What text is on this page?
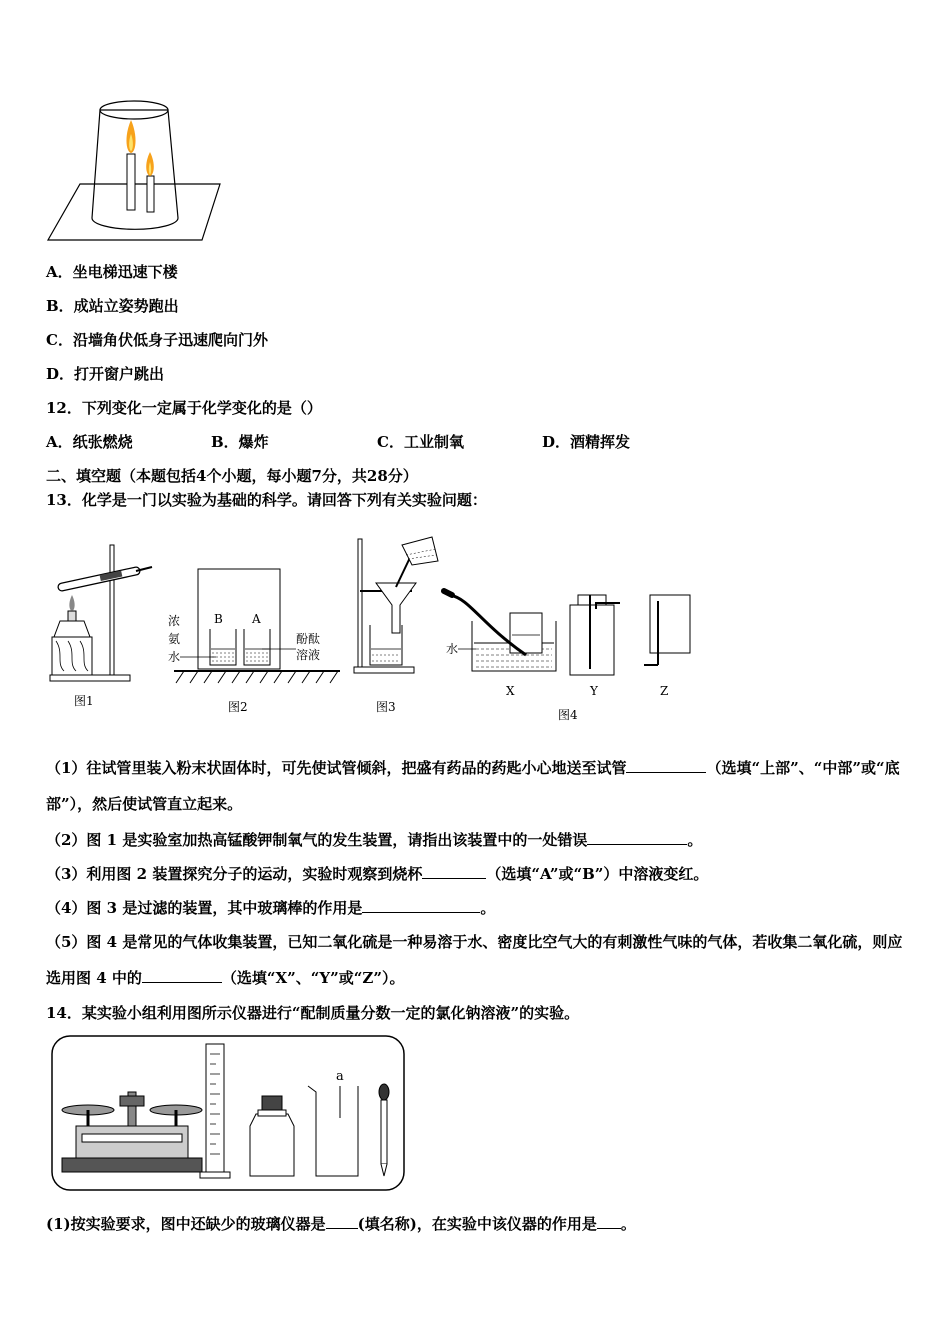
A．坐电梯迅速下楼
B．成站立姿势跑出
C．沿墙角伏低身子迅速爬向门外
D．打开窗户跳出
12．下列变化一定属于化学变化的是（）
A．纸张燃烧	B．爆炸	C．工业制氧	D．酒精挥发
二、填空题（本题包括4个小题，每小题7分，共28分）
13．化学是一门以实验为基础的科学。请回答下列有关实验问题：
图1
B A
浓
氨
水
酚酞
溶液
图2	图3
水
X	Y	Z
图4
（1）往试管里装入粉末状固体时，可先使试管倾斜，把盛有药品的药匙小心地送至试管	（选填“上部”、“中部”或“底部”），然后使试管直立起来。
（2）图 1 是实验室加热高锰酸钾制氧气的发生装置，请指出该装置中的一处错误	。
（3）利用图 2 装置探究分子的运动，实验时观察到烧杯	（选填“A”或“B”）中溶液变红。
（4）图 3 是过滤的装置，其中玻璃棒的作用是	。
（5）图 4 是常见的气体收集装置，已知二氧化硫是一种易溶于水、密度比空气大的有刺激性气味的气体，若收集二氧化硫，则应选用图 4 中的	（选填“X”、“Y”或“Z”）。
14．某实验小组利用图所示仪器进行“配制质量分数一定的氯化钠溶液”的实验。
a
(1)按实验要求，图中还缺少的玻璃仪器是 (填名称)，在实验中该仪器的作用是 。
